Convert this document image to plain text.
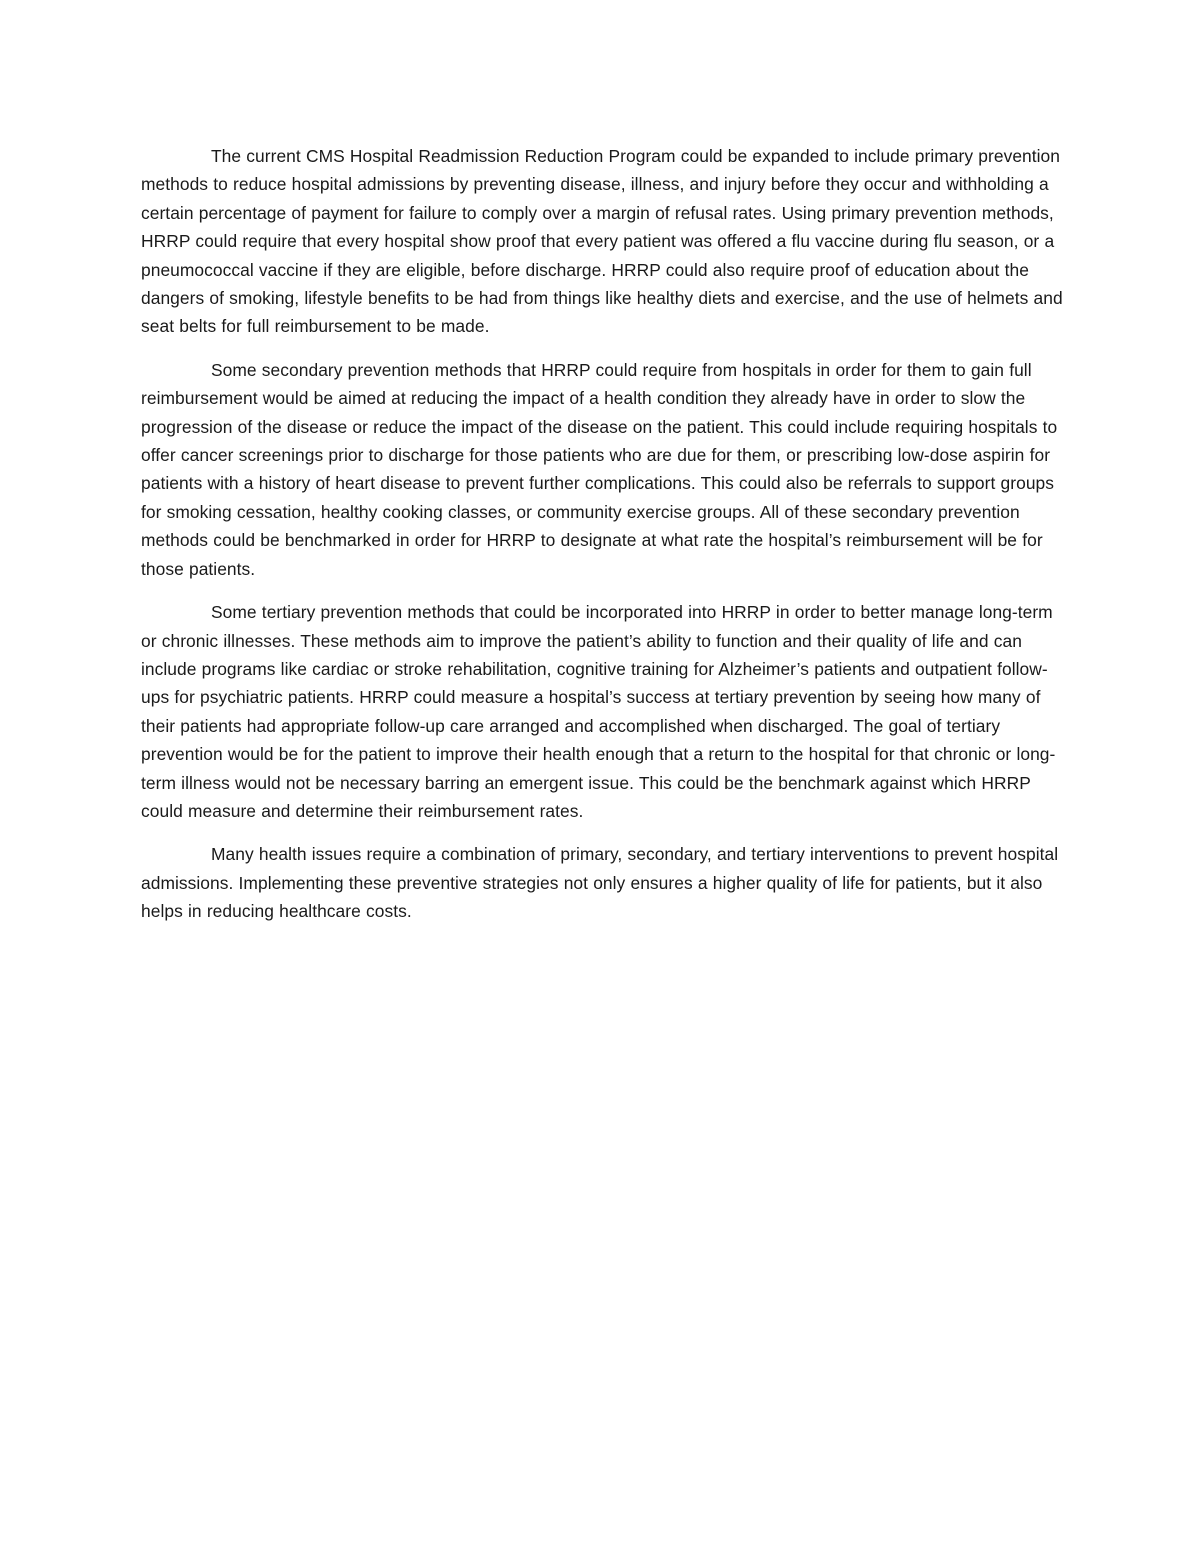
The current CMS Hospital Readmission Reduction Program could be expanded to include primary prevention methods to reduce hospital admissions by preventing disease, illness, and injury before they occur and withholding a certain percentage of payment for failure to comply over a margin of refusal rates. Using primary prevention methods, HRRP could require that every hospital show proof that every patient was offered a flu vaccine during flu season, or a pneumococcal vaccine if they are eligible, before discharge. HRRP could also require proof of education about the dangers of smoking, lifestyle benefits to be had from things like healthy diets and exercise, and the use of helmets and seat belts for full reimbursement to be made.

Some secondary prevention methods that HRRP could require from hospitals in order for them to gain full reimbursement would be aimed at reducing the impact of a health condition they already have in order to slow the progression of the disease or reduce the impact of the disease on the patient. This could include requiring hospitals to offer cancer screenings prior to discharge for those patients who are due for them, or prescribing low-dose aspirin for patients with a history of heart disease to prevent further complications. This could also be referrals to support groups for smoking cessation, healthy cooking classes, or community exercise groups. All of these secondary prevention methods could be benchmarked in order for HRRP to designate at what rate the hospital’s reimbursement will be for those patients.

Some tertiary prevention methods that could be incorporated into HRRP in order to better manage long-term or chronic illnesses. These methods aim to improve the patient’s ability to function and their quality of life and can include programs like cardiac or stroke rehabilitation, cognitive training for Alzheimer’s patients and outpatient follow-ups for psychiatric patients. HRRP could measure a hospital’s success at tertiary prevention by seeing how many of their patients had appropriate follow-up care arranged and accomplished when discharged. The goal of tertiary prevention would be for the patient to improve their health enough that a return to the hospital for that chronic or long-term illness would not be necessary barring an emergent issue. This could be the benchmark against which HRRP could measure and determine their reimbursement rates.

Many health issues require a combination of primary, secondary, and tertiary interventions to prevent hospital admissions. Implementing these preventive strategies not only ensures a higher quality of life for patients, but it also helps in reducing healthcare costs.
